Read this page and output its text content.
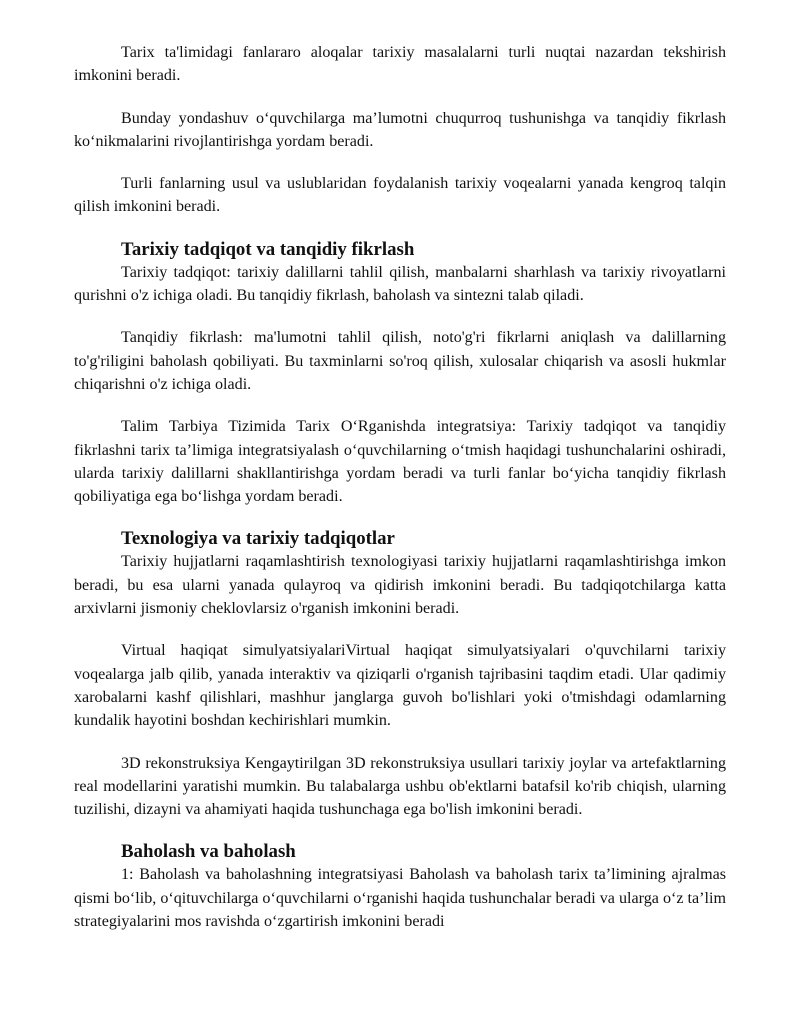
Tarix ta'limidagi fanlararo aloqalar tarixiy masalalarni turli nuqtai nazardan tekshirish imkonini beradi.

Bunday yondashuv o‘quvchilarga maʼlumotni chuqurroq tushunishga va tanqidiy fikrlash ko‘nikmalarini rivojlantirishga yordam beradi.

Turli fanlarning usul va uslublaridan foydalanish tarixiy voqealarni yanada kengroq talqin qilish imkonini beradi.

Tarixiy tadqiqot va tanqidiy fikrlash

Tarixiy tadqiqot: tarixiy dalillarni tahlil qilish, manbalarni sharhlash va tarixiy rivoyatlarni qurishni o'z ichiga oladi. Bu tanqidiy fikrlash, baholash va sintezni talab qiladi.

Tanqidiy fikrlash: ma'lumotni tahlil qilish, noto'g'ri fikrlarni aniqlash va dalillarning to'g'riligini baholash qobiliyati. Bu taxminlarni so'roq qilish, xulosalar chiqarish va asosli hukmlar chiqarishni o'z ichiga oladi.

Talim Tarbiya Tizimida Tarix O‘Rganishda integratsiya: Tarixiy tadqiqot va tanqidiy fikrlashni tarix ta’limiga integratsiyalash o‘quvchilarning o‘tmish haqidagi tushunchalarini oshiradi, ularda tarixiy dalillarni shakllantirishga yordam beradi va turli fanlar bo‘yicha tanqidiy fikrlash qobiliyatiga ega bo‘lishga yordam beradi.

Texnologiya va tarixiy tadqiqotlar

Tarixiy hujjatlarni raqamlashtirish texnologiyasi tarixiy hujjatlarni raqamlashtirishga imkon beradi, bu esa ularni yanada qulayroq va qidirish imkonini beradi. Bu tadqiqotchilarga katta arxivlarni jismoniy cheklovlarsiz o'rganish imkonini beradi.

Virtual haqiqat simulyatsiyalariVirtual haqiqat simulyatsiyalari o'quvchilarni tarixiy voqealarga jalb qilib, yanada interaktiv va qiziqarli o'rganish tajribasini taqdim etadi. Ular qadimiy xarobalarni kashf qilishlari, mashhur janglarga guvoh bo'lishlari yoki o'tmishdagi odamlarning kundalik hayotini boshdan kechirishlari mumkin.

3D rekonstruksiya Kengaytirilgan 3D rekonstruksiya usullari tarixiy joylar va artefaktlarning real modellarini yaratishi mumkin. Bu talabalarga ushbu ob'ektlarni batafsil ko'rib chiqish, ularning tuzilishi, dizayni va ahamiyati haqida tushunchaga ega bo'lish imkonini beradi.

Baholash va baholash

1: Baholash va baholashning integratsiyasi Baholash va baholash tarix ta’limining ajralmas qismi bo‘lib, o‘qituvchilarga o‘quvchilarni o‘rganishi haqida tushunchalar beradi va ularga o‘z ta’lim strategiyalarini mos ravishda o‘zgartirish imkonini beradi
